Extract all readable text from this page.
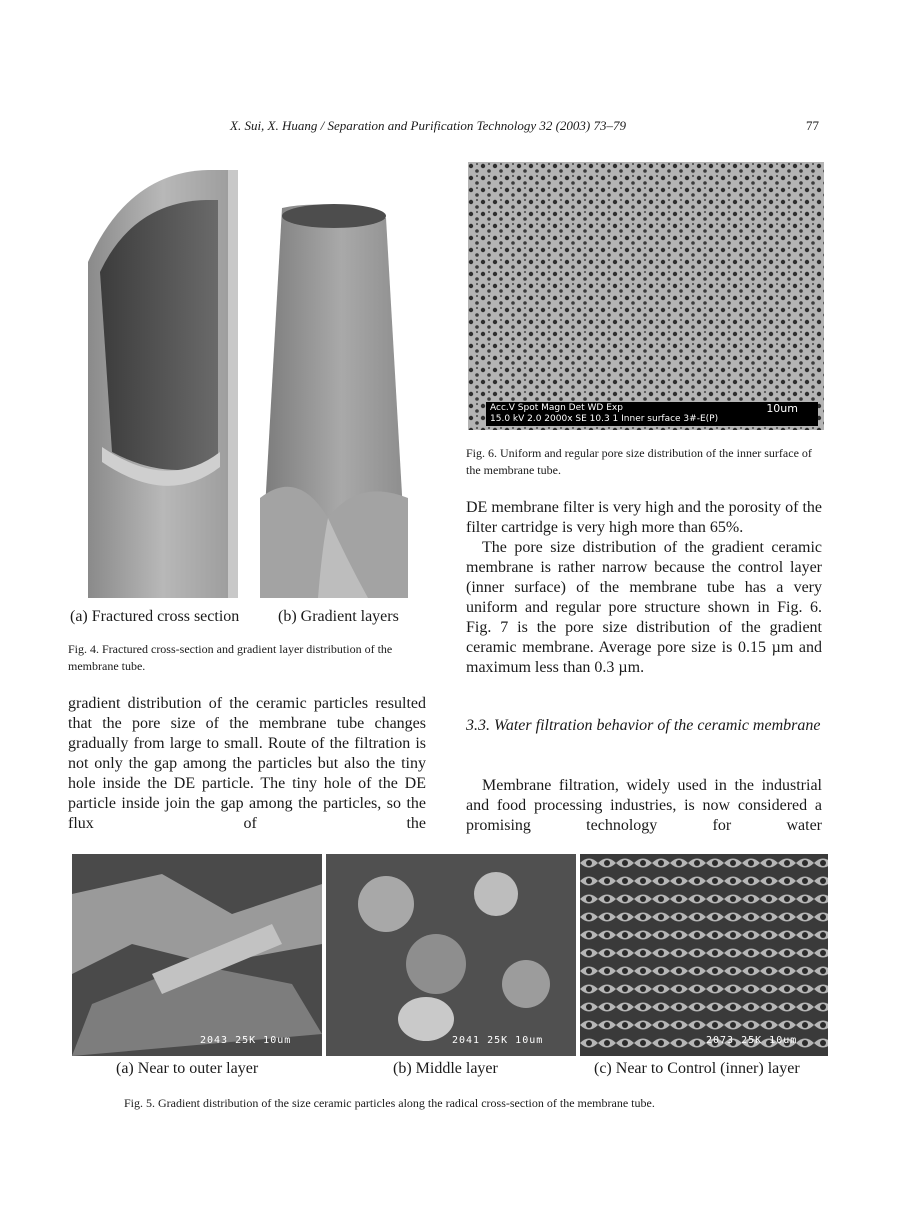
X. Sui, X. Huang / Separation and Purification Technology 32 (2003) 73–79	77
(a) Fractured cross section (b) Gradient layers
Fig. 4. Fractured cross-section and gradient layer distribution of the membrane tube.
Acc.V Spot Magn Det WD Exp
15.0 kV 2.0 2000x SE 10.3 1 Inner surface 3#-E(P)
10um
Fig. 6. Uniform and regular pore size distribution of the inner surface of the membrane tube.

DE membrane filter is very high and the porosity of the filter cartridge is very high more than 65%.

The pore size distribution of the gradient ceramic membrane is rather narrow because the control layer (inner surface) of the membrane tube has a very uniform and regular pore structure shown in Fig. 6. Fig. 7 is the pore size distribution of the gradient ceramic membrane. Average pore size is 0.15 µm and maximum less than 0.3 µm.

3.3. Water filtration behavior of the ceramic membrane

Membrane filtration, widely used in the industrial and food processing industries, is now considered a promising technology for water

gradient distribution of the ceramic particles resulted that the pore size of the membrane tube changes gradually from large to small. Route of the filtration is not only the gap among the particles but also the tiny hole inside the DE particle. The tiny hole of the DE particle inside join the gap among the particles, so the flux of the
2043 25K 10um	2041 25K 10um	2073 25K 10um
(a) Near to outer layer	(b) Middle layer	(c) Near to Control (inner) layer
Fig. 5. Gradient distribution of the size ceramic particles along the radical cross-section of the membrane tube.
